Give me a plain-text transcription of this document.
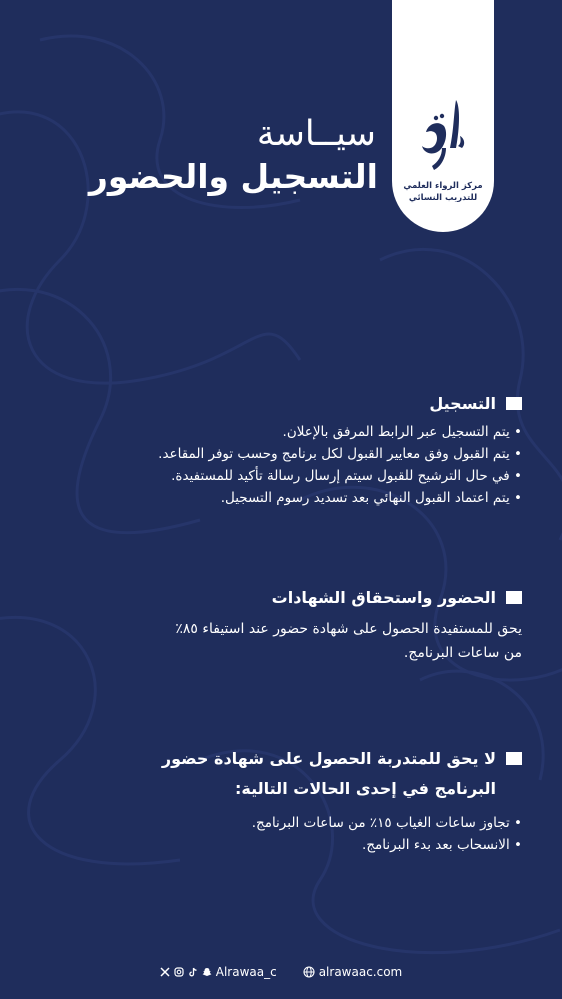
مركز الرواء العلمي
للتدريب النسائي
سيــاسة
التسجيل والحضور
التسجيل
• يتم التسجيل عبر الرابط المرفق بالإعلان.
• يتم القبول وفق معايير القبول لكل برنامج وحسب توفر المقاعد.
• في حال الترشيح للقبول سيتم إرسال رسالة تأكيد للمستفيدة.
• يتم اعتماد القبول النهائي بعد تسديد رسوم التسجيل.
الحضور واستحقاق الشهادات
يحق للمستفيدة الحصول على شهادة حضور عند استيفاء ٨٥٪
من ساعات البرنامج.
لا يحق للمتدربة الحصول على شهادة حضور
البرنامج في إحدى الحالات التالية:
• تجاوز ساعات الغياب ١٥٪ من ساعات البرنامج.
• الانسحاب بعد بدء البرنامج.
Alrawaa_c	alrawaac.com
